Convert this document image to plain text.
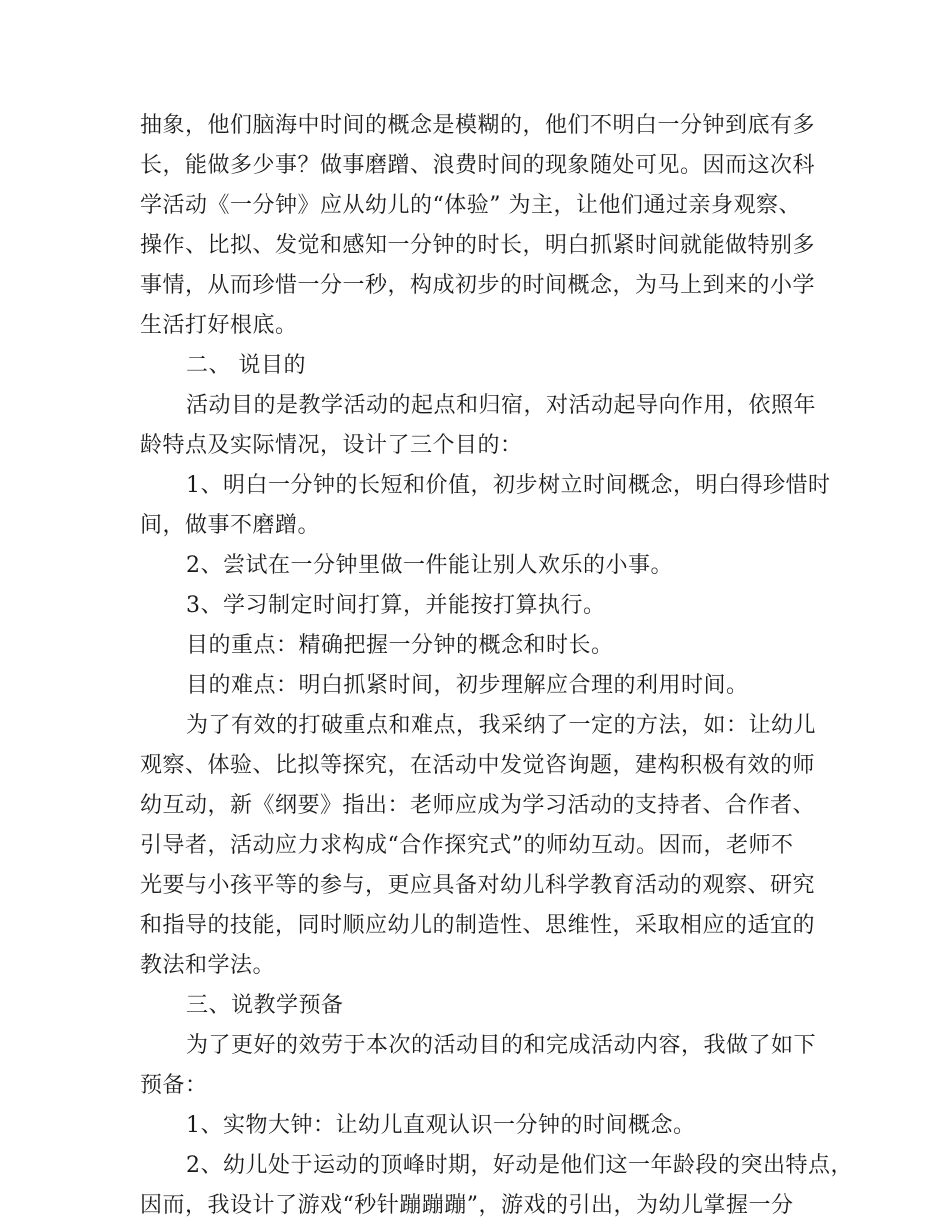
抽象，他们脑海中时间的概念是模糊的，他们不明白一分钟到底有多
长，能做多少事？做事磨蹭、浪费时间的现象随处可见。因而这次科
学活动《一分钟》应从幼儿的“体验” 为主，让他们通过亲身观察、
操作、比拟、发觉和感知一分钟的时长，明白抓紧时间就能做特别多
事情，从而珍惜一分一秒，构成初步的时间概念，为马上到来的小学
生活打好根底。
二、 说目的
活动目的是教学活动的起点和归宿，对活动起导向作用，依照年
龄特点及实际情况，设计了三个目的：
1、明白一分钟的长短和价值，初步树立时间概念，明白得珍惜时
间，做事不磨蹭。
2、尝试在一分钟里做一件能让别人欢乐的小事。
3、学习制定时间打算，并能按打算执行。
目的重点：精确把握一分钟的概念和时长。
目的难点：明白抓紧时间，初步理解应合理的利用时间。
为了有效的打破重点和难点，我采纳了一定的方法，如：让幼儿
观察、体验、比拟等探究，在活动中发觉咨询题，建构积极有效的师
幼互动，新《纲要》指出：老师应成为学习活动的支持者、合作者、
引导者，活动应力求构成“合作探究式”的师幼互动。因而，老师不
光要与小孩平等的参与，更应具备对幼儿科学教育活动的观察、研究
和指导的技能，同时顺应幼儿的制造性、思维性，采取相应的适宜的
教法和学法。
三、说教学预备
为了更好的效劳于本次的活动目的和完成活动内容，我做了如下
预备：
1、实物大钟：让幼儿直观认识一分钟的时间概念。
2、幼儿处于运动的顶峰时期，好动是他们这一年龄段的突出特点，
因而，我设计了游戏“秒针蹦蹦蹦”，游戏的引出，为幼儿掌握一分
